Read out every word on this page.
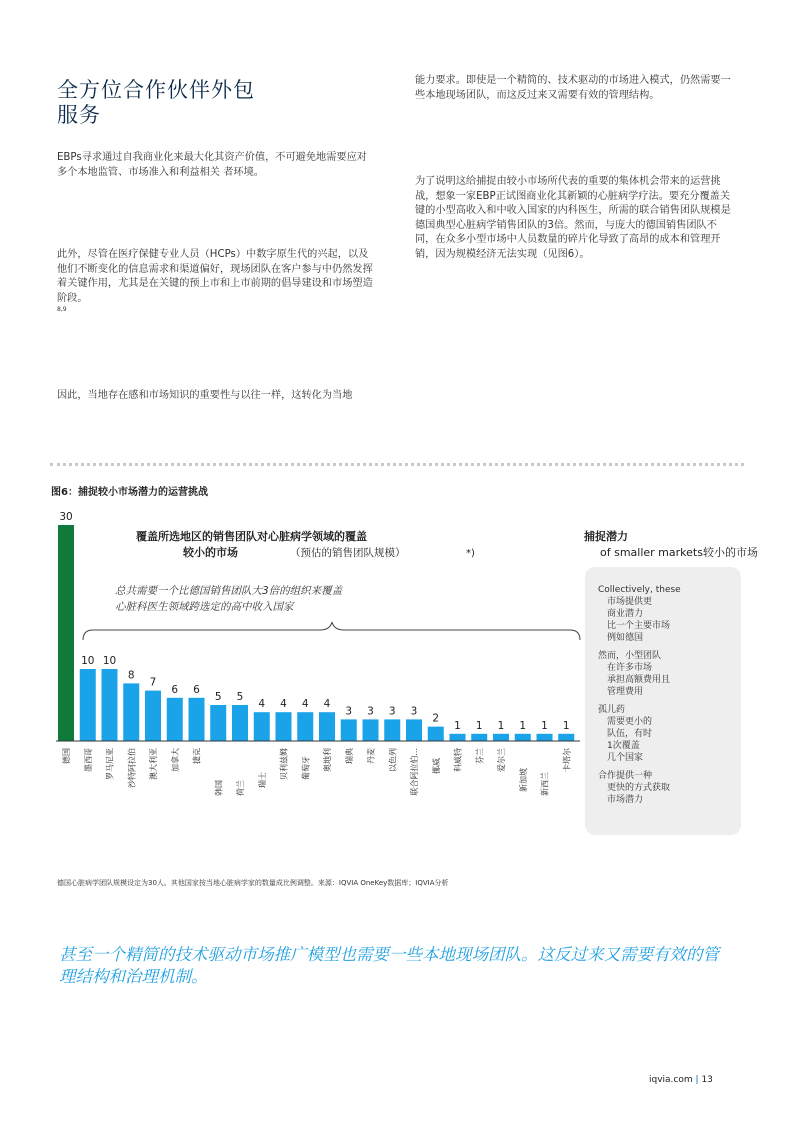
全方位合作伙伴外包
服务
EBPs寻求通过自我商业化来最大化其资产价值，不可避免地需要应对多个本地监管、市场准入和利益相关 者环境。
此外，尽管在医疗保健专业人员（HCPs）中数字原生代的兴起，以及他们不断变化的信息需求和渠道偏好，现场团队在客户参与中仍然发挥着关键作用，尤其是在关键的预上市和上市前期的倡导建设和市场塑造阶段。
8,9
因此，当地存在感和市场知识的重要性与以往一样，这转化为当地
能力要求。即使是一个精简的、技术驱动的市场进入模式，仍然需要一些本地现场团队，而这反过来又需要有效的管理结构。
为了说明这给捕捉由较小市场所代表的重要的集体机会带来的运营挑战，想象一家EBP正试图商业化其新颖的心脏病学疗法。要充分覆盖关键的小型高收入和中收入国家的内科医生，所需的联合销售团队规模是德国典型心脏病学销售团队的3倍。然而，与庞大的德国销售团队不同，在众多小型市场中人员数量的碎片化导致了高昂的成本和管理开销，因为规模经济无法实现（见图6）。
图6：捕捉较小市场潜力的运营挑战
覆盖所选地区的销售团队对心脏病学领域的覆盖
较小的市场	（预估的销售团队规模）	*)
总共需要一个比德国销售团队大3倍的组织来覆盖
心脏科医生领域跨选定的高中收入国家
30
10 10
8
7
6 6
5 5
4 4 4 4
3 3 3 3
2
1 1 1 1 1 1
德国 墨西哥 罗马尼亚 沙特阿拉伯 澳大利亚 加拿大 捷克
韩国 荷兰 瑞士 贝利兹姆 葡萄牙 奥地利 瑞典 丹麦 以色列 联合阿拉伯... 挪威 科威特 芬兰 爱尔兰
新加坡 新西兰
卡塔尔
捕捉潜力
of smaller markets较小的市场
Collectively, these
市场提供更
商业潜力
比一个主要市场
例如德国
然而，小型团队
在许多市场
承担高额费用且
管理费用
孤儿药
需要更小的
队伍，有时
1次覆盖
几个国家
合作提供一种
更快的方式获取
市场潜力
德国心脏病学团队规模设定为30人。其他国家按当地心脏病学家的数量成比例调整。来源：IQVIA OneKey数据库；IQVIA分析
甚至一个精简的技术驱动市场推广模型也需要一些本地现场团队。这反过来又需要有效的管理结构和治理机制。
iqvia.com | 13
